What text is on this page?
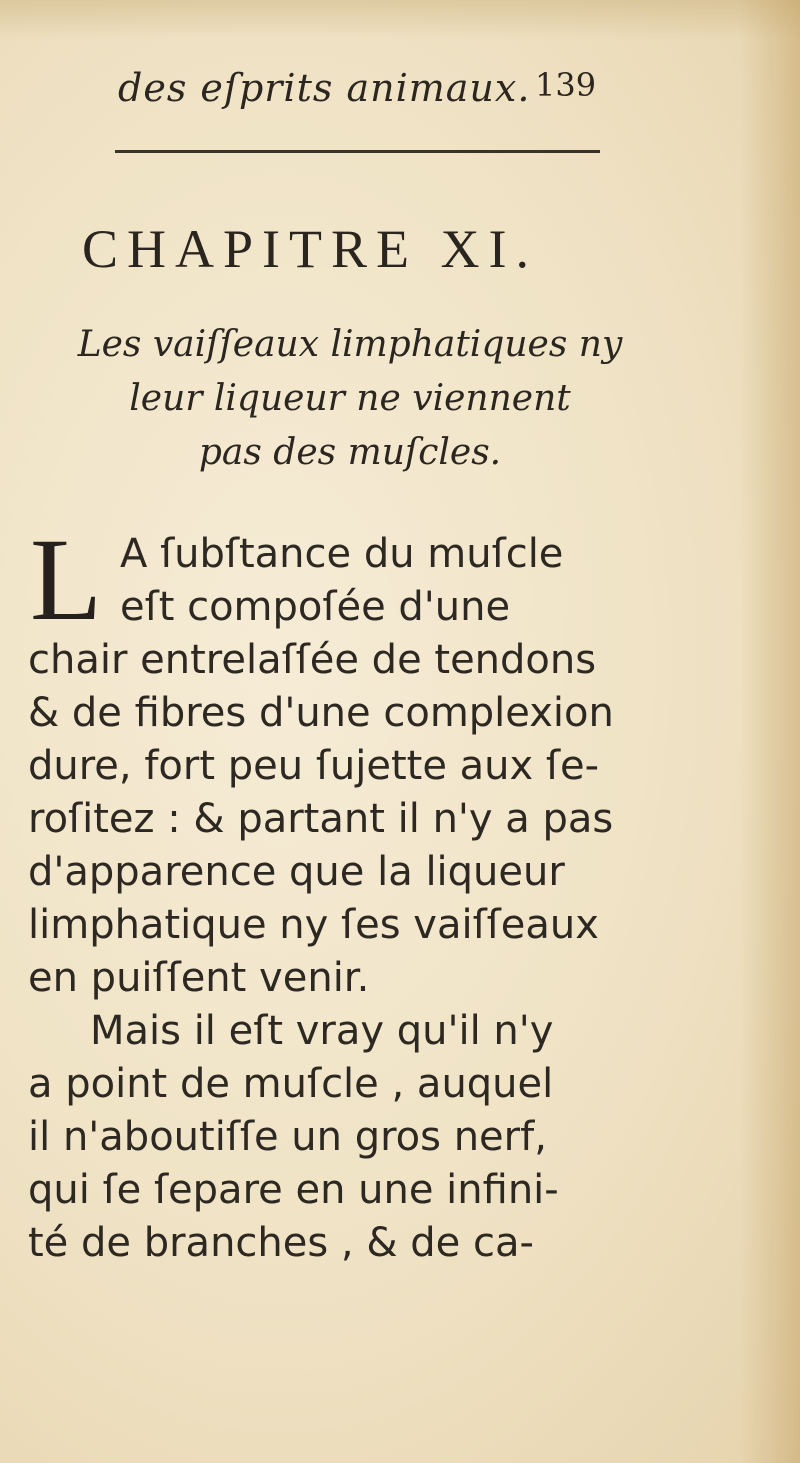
des eſprits animaux. 139
CHAPITRE XI.
Les vaiſſeaux limphatiques ny
leur liqueur ne viennent
pas des muſcles.
L A ſubſtance du muſcle
eſt compoſée d'une
chair entrelaſſée de tendons
& de fibres d'une complexion
dure, fort peu ſujette aux ſe-
roſitez : & partant il n'y a pas
d'apparence que la liqueur
limphatique ny ſes vaiſſeaux
en puiſſent venir.
Mais il eſt vray qu'il n'y
a point de muſcle , auquel
il n'aboutiſſe un gros nerf,
qui ſe ſepare en une infini-
té de branches , & de ca-
